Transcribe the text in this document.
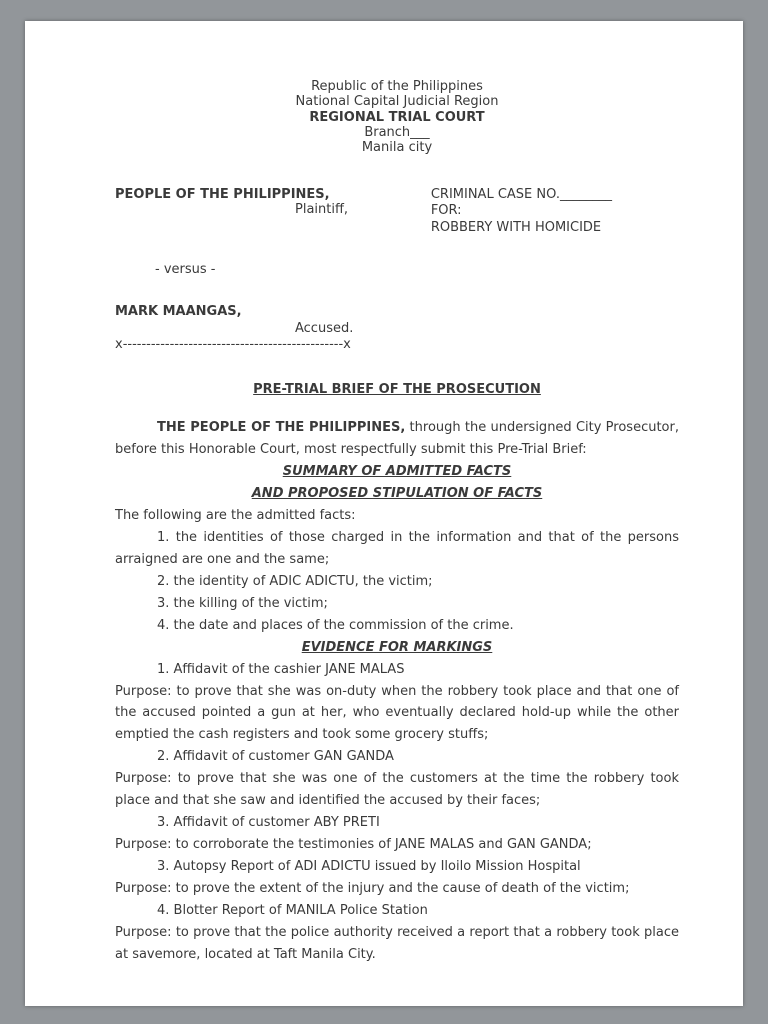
Republic of the Philippines
National Capital Judicial Region
REGIONAL TRIAL COURT
Branch___
Manila city
PEOPLE OF THE PHILIPPINES,
Plaintiff,
CRIMINAL CASE NO.________
FOR:
ROBBERY WITH HOMICIDE
- versus -
MARK MAANGAS,
Accused.
x-----------------------------------------------x
PRE-TRIAL BRIEF OF THE PROSECUTION

THE PEOPLE OF THE PHILIPPINES, through the undersigned City Prosecutor, before this Honorable Court, most respectfully submit this Pre-Trial Brief:

SUMMARY OF ADMITTED FACTS
AND PROPOSED STIPULATION OF FACTS
The following are the admitted facts:

1. the identities of those charged in the information and that of the persons arraigned are one and the same;

2. the identity of ADIC ADICTU, the victim;

3. the killing of the victim;

4. the date and places of the commission of the crime.

EVIDENCE FOR MARKINGS

1. Affidavit of the cashier JANE MALAS

Purpose: to prove that she was on-duty when the robbery took place and that one of the accused pointed a gun at her, who eventually declared hold-up while the other emptied the cash registers and took some grocery stuffs;

2. Affidavit of customer GAN GANDA

Purpose: to prove that she was one of the customers at the time the robbery took place and that she saw and identified the accused by their faces;

3. Affidavit of customer ABY PRETI

Purpose: to corroborate the testimonies of JANE MALAS and GAN GANDA;

3. Autopsy Report of ADI ADICTU issued by Iloilo Mission Hospital

Purpose: to prove the extent of the injury and the cause of death of the victim;

4. Blotter Report of MANILA Police Station

Purpose: to prove that the police authority received a report that a robbery took place at savemore, located at Taft Manila City.
